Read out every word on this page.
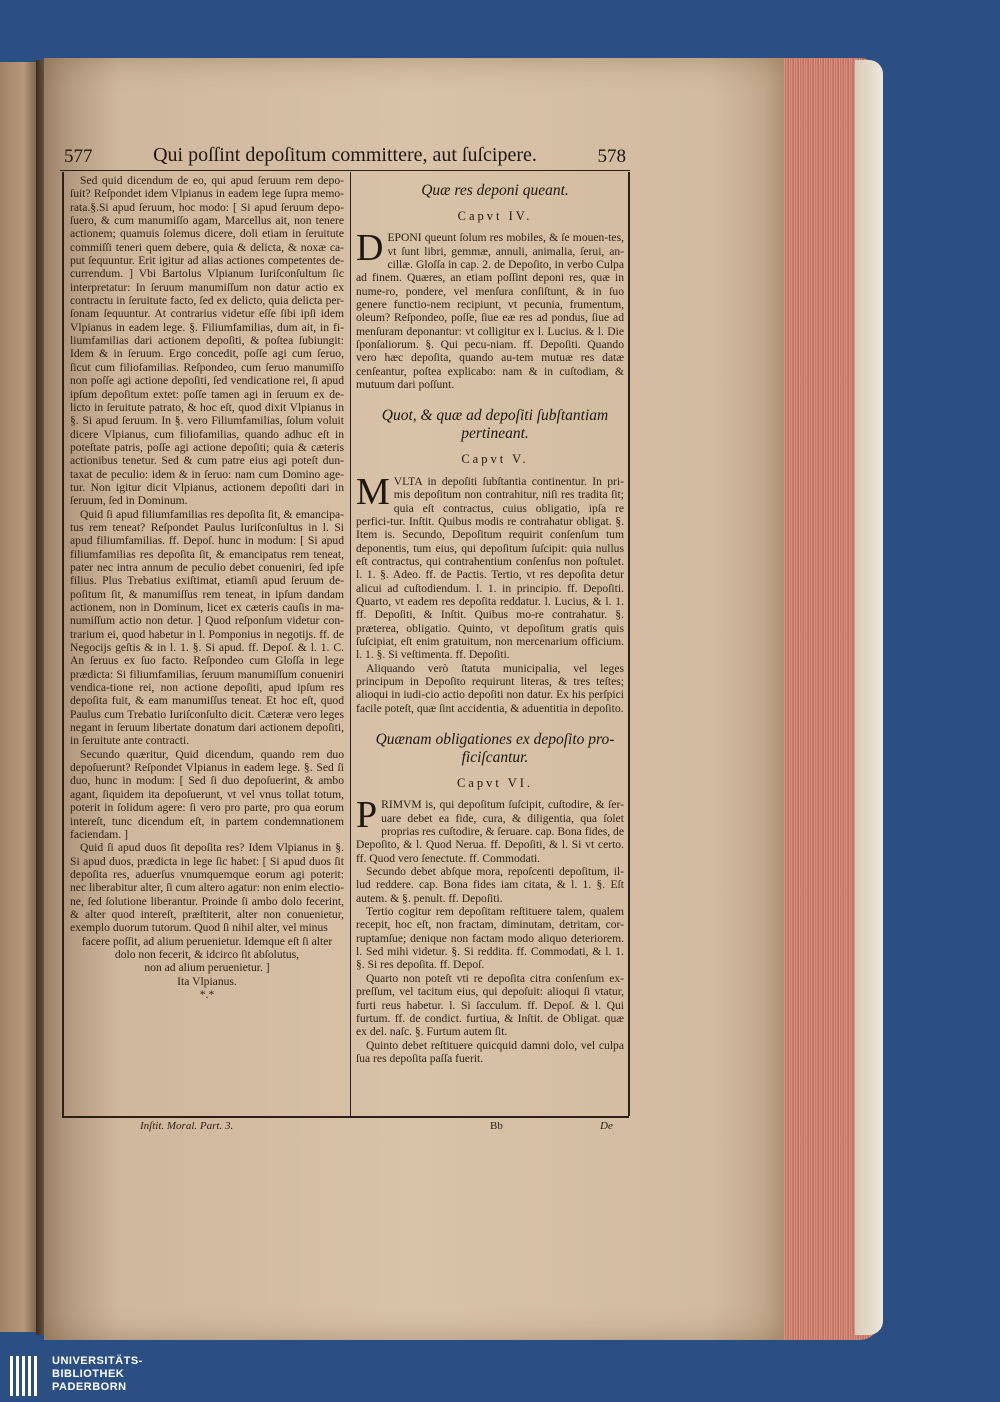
577	Qui poſſint depoſitum committere, aut ſuſcipere.	578

Sed quid dicendum de eo, qui apud ſeruum rem depo-ſuit? Reſpondet idem Vlpianus in eadem lege ſupra memo-rata.§.Si apud ſeruum, hoc modo: [ Si apud ſeruum depo-ſuero, & cum manumiſſo agam, Marcellus ait, non tenere actionem; quamuis ſolemus dicere, doli etiam in ſeruitute commiſſi teneri quem debere, quia & delicta, & noxæ ca-put ſequuntur. Erit igitur ad alias actiones competentes de-currendum. ] Vbi Bartolus Vlpianum Iuriſconſultum ſic interpretatur: In ſeruum manumiſſum non datur actio ex contractu in ſeruitute facto, ſed ex delicto, quia delicta per-ſonam ſequuntur. At contrarius videtur eſſe ſibi ipſi idem Vlpianus in eadem lege. §. Filiumfamilias, dum ait, in fi-liumfamilias dari actionem depoſiti, & poſtea ſubiungit: Idem & in ſeruum. Ergo concedit, poſſe agi cum ſeruo, ſicut cum filiofamilias. Reſpondeo, cum ſeruo manumiſſo non poſſe agi actione depoſiti, ſed vendicatione rei, ſi apud ipſum depoſitum extet: poſſe tamen agi in ſeruum ex de-licto in ſeruitute patrato, & hoc eſt, quod dixit Vlpianus in §. Si apud ſeruum. In §. vero Filiumfamilias, ſolum voluit dicere Vlpianus, cum filiofamilias, quando adhuc eſt in poteſtate patris, poſſe agi actione depoſiti; quia & cæteris actionibus tenetur. Sed & cum patre eius agi poteſt dun-taxat de peculio: idem & in ſeruo: nam cum Domino age-tur. Non igitur dicit Vlpianus, actionem depoſiti dari in ſeruum, ſed in Dominum.

Quid ſi apud filiumfamilias res depoſita ſit, & emancipa-tus rem teneat? Reſpondet Paulus Iuriſconſultus in l. Si apud filiumfamilias. ff. Depoſ. hunc in modum: [ Si apud filiumfamilias res depoſita ſit, & emancipatus rem teneat, pater nec intra annum de peculio debet conueniri, ſed ipſe filius. Plus Trebatius exiſtimat, etiamſi apud ſeruum de-poſitum ſit, & manumiſſus rem teneat, in ipſum dandam actionem, non in Dominum, licet ex cæteris cauſis in ma-numiſſum actio non detur. ] Quod reſponſum videtur con-trarium ei, quod habetur in l. Pomponius in negotijs. ff. de Negocijs geſtis & in l. 1. §. Si apud. ff. Depoſ. & l. 1. C. An ſeruus ex ſuo facto. Reſpondeo cum Gloſſa in lege prædicta: Si filiumfamilias, ſeruum manumiſſum conueniri vendica-tione rei, non actione depoſiti, apud ipſum res depoſita fuit, & eam manumiſſus teneat. Et hoc eſt, quod Paulus cum Trebatio Iuriſconſulto dicit. Cæteræ vero leges negant in ſeruum libertate donatum dari actionem depoſiti, in ſeruitute ante contracti.

Secundo quæritur, Quid dicendum, quando rem duo depoſuerunt? Reſpondet Vlpianus in eadem lege. §. Sed ſi duo, hunc in modum: [ Sed ſi duo depoſuerint, & ambo agant, ſiquidem ita depoſuerunt, vt vel vnus tollat totum, poterit in ſolidum agere: ſi vero pro parte, pro qua eorum intereſt, tunc dicendum eſt, in partem condemnationem faciendam. ]

Quid ſi apud duos ſit depoſita res? Idem Vlpianus in §. Si apud duos, prædicta in lege ſic habet: [ Si apud duos ſit depoſita res, aduerſus vnumquemque eorum agi poterit: nec liberabitur alter, ſi cum altero agatur: non enim electio-ne, ſed ſolutione liberantur. Proinde ſi ambo dolo fecerint, & alter quod intereſt, præſtiterit, alter non conuenietur, exemplo duorum tutorum. Quod ſi nihil alter, vel minus

facere poſſit, ad alium peruenietur. Idemque eſt ſi alter

dolo non fecerit, & idcirco ſit abſolutus,

non ad alium peruenietur. ]

Ita Vlpianus.

*.*

Quæ res deponi queant.

Capvt IV.

DEPONI queunt ſolum res mobiles, & ſe mouen-tes, vt ſunt libri, gemmæ, annuli, animalia, ſerui, an-cillæ. Gloſſa in cap. 2. de Depoſito, in verbo Culpa ad finem. Quæres, an etiam poſſint deponi res, quæ in nume-ro, pondere, vel menſura conſiſtunt, & in ſuo genere functio-nem recipiunt, vt pecunia, frumentum, oleum? Reſpondeo, poſſe, ſiue eæ res ad pondus, ſiue ad menſuram deponantur: vt colligitur ex l. Lucius. & l. Die ſponſaliorum. §. Qui pecu-niam. ff. Depoſiti. Quando vero hæc depoſita, quando au-tem mutuæ res datæ cenſeantur, poſtea explicabo: nam & in cuſtodiam, & mutuum dari poſſunt.

Quot, & quæ ad depoſiti ſubſtantiam

pertineant.

Capvt V.

MVLTA in depoſiti ſubſtantia continentur. In pri-mis depoſitum non contrahitur, niſi res tradita ſit; quia eſt contractus, cuius obligatio, ipſa re perfici-tur. Inſtit. Quibus modis re contrahatur obligat. §. Item is. Secundo, Depoſitum requirit conſenſum tum deponentis, tum eius, qui depoſitum ſuſcipit: quia nullus eſt contractus, qui contrahentium conſenſus non poſtulet. l. 1. §. Adeo. ff. de Pactis. Tertio, vt res depoſita detur alicui ad cuſtodiendum. l. 1. in principio. ff. Depoſiti. Quarto, vt eadem res depoſita reddatur. l. Lucius, & l. 1. ff. Depoſiti, & Inſtit. Quibus mo-re contrahatur. §. præterea, obligatio. Quinto, vt depoſitum gratis quis ſuſcipiat, eſt enim gratuitum, non mercenarium officium. l. 1. §. Si veſtimenta. ff. Depoſiti.

Aliquando verò ſtatuta municipalia, vel leges principum in Depoſito requirunt literas, & tres teſtes; alioqui in iudi-cio actio depoſiti non datur. Ex his perſpici facile poteſt, quæ ſint accidentia, & aduentitia in depoſito.

Quænam obligationes ex depoſito pro-

ficiſcantur.

Capvt VI.

PRIMVM is, qui depoſitum ſuſcipit, cuſtodire, & ſer-uare debet ea fide, cura, & diligentia, qua ſolet proprias res cuſtodire, & ſeruare. cap. Bona fides, de Depoſito, & l. Quod Neruа. ff. Depoſiti, & l. Si vt certo. ff. Quod vero ſenectute. ff. Commodati.

Secundo debet abſque mora, repoſcenti depoſitum, il-lud reddere. cap. Bona fides iam citata, & l. 1. §. Eſt autem. & §. penult. ff. Depoſiti.

Tertio cogitur rem depoſitam reſtituere talem, qualem recepit, hoc eſt, non fractam, diminutam, detritam, cor-ruptamſue; denique non factam modo aliquo deteriorem. l. Sed mihi videtur. §. Si reddita. ff. Commodati, & l. 1. §. Si res depoſita. ff. Depoſ.

Quarto non poteſt vti re depoſita citra conſenſum ex-preſſum, vel tacitum eius, qui depoſuit: alioqui ſi vtatur, furti reus habetur. l. Si ſacculum. ff. Depoſ. & l. Qui furtum. ff. de condict. furtiua, & Inſtit. de Obligat. quæ ex del. naſc. §. Furtum autem ſit.

Quinto debet reſtituere quicquid damni dolo, vel culpa ſua res depoſita paſſa fuerit.

Inſtit. Moral. Part. 3.	Bb	De
UNIVERSITÄTS-
BIBLIOTHEK
PADERBORN
